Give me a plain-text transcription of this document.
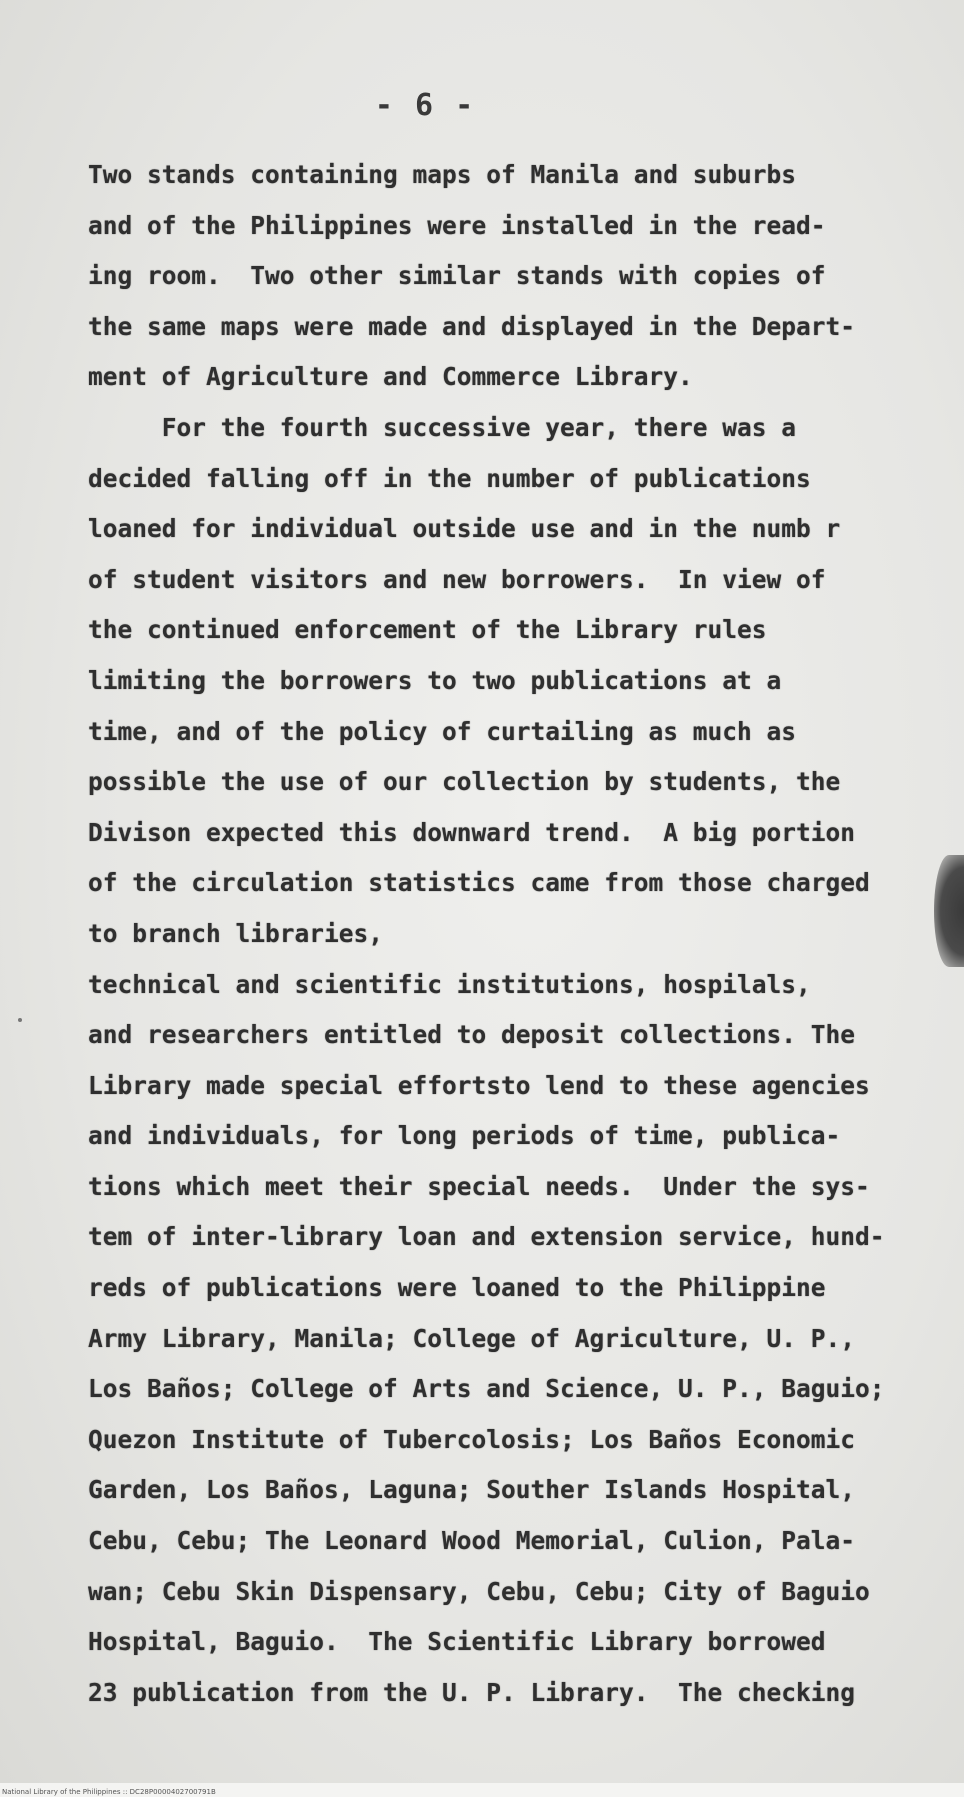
- 6 -
Two stands containing maps of Manila and suburbs
and of the Philippines were installed in the read-
ing room.  Two other similar stands with copies of
the same maps were made and displayed in the Depart-
ment of Agriculture and Commerce Library.
For the fourth successive year, there was a
decided falling off in the number of publications
loaned for individual outside use and in the numb r
of student visitors and new borrowers.  In view of
the continued enforcement of the Library rules
limiting the borrowers to two publications at a
time, and of the policy of curtailing as much as
possible the use of our collection by students, the
Divison expected this downward trend.  A big portion
of the circulation statistics came from those charged
to branch libraries,
technical and scientific institutions, hospilals,
and researchers entitled to deposit collections. The
Library made special effortsto lend to these agencies
and individuals, for long periods of time, publica-
tions which meet their special needs.  Under the sys-
tem of inter-library loan and extension service, hund-
reds of publications were loaned to the Philippine
Army Library, Manila; College of Agriculture, U. P.,
Los Baños; College of Arts and Science, U. P., Baguio;
Quezon Institute of Tubercolosis; Los Baños Economic
Garden, Los Baños, Laguna; Souther Islands Hospital,
Cebu, Cebu; The Leonard Wood Memorial, Culion, Pala-
wan; Cebu Skin Dispensary, Cebu, Cebu; City of Baguio
Hospital, Baguio.  The Scientific Library borrowed
23 publication from the U. P. Library.  The checking
National Library of the Philippines :: DC28P0000402700791B
